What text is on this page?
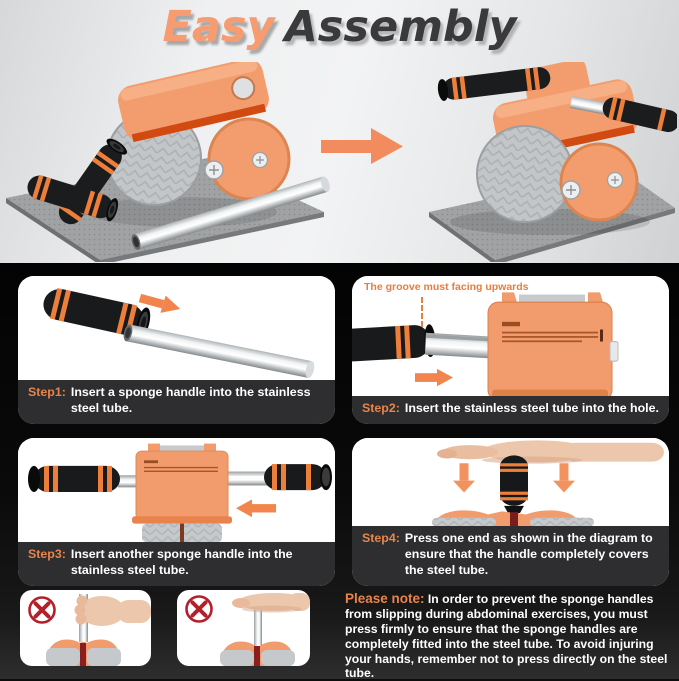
Easy Assembly
Step1: Insert a sponge handle into the stainless steel tube.
The groove must facing upwards
Step2: Insert the stainless steel tube into the hole.
Step3: Insert another sponge handle into the stainless steel tube.
Step4: Press one end as shown in the diagram to ensure that the handle completely covers the steel tube.

Please note: In order to prevent the sponge handles from slipping during abdominal exercises, you must press firmly to ensure that the sponge handles are completely fitted into the steel tube. To avoid injuring your hands, remember not to press directly on the steel tube.
